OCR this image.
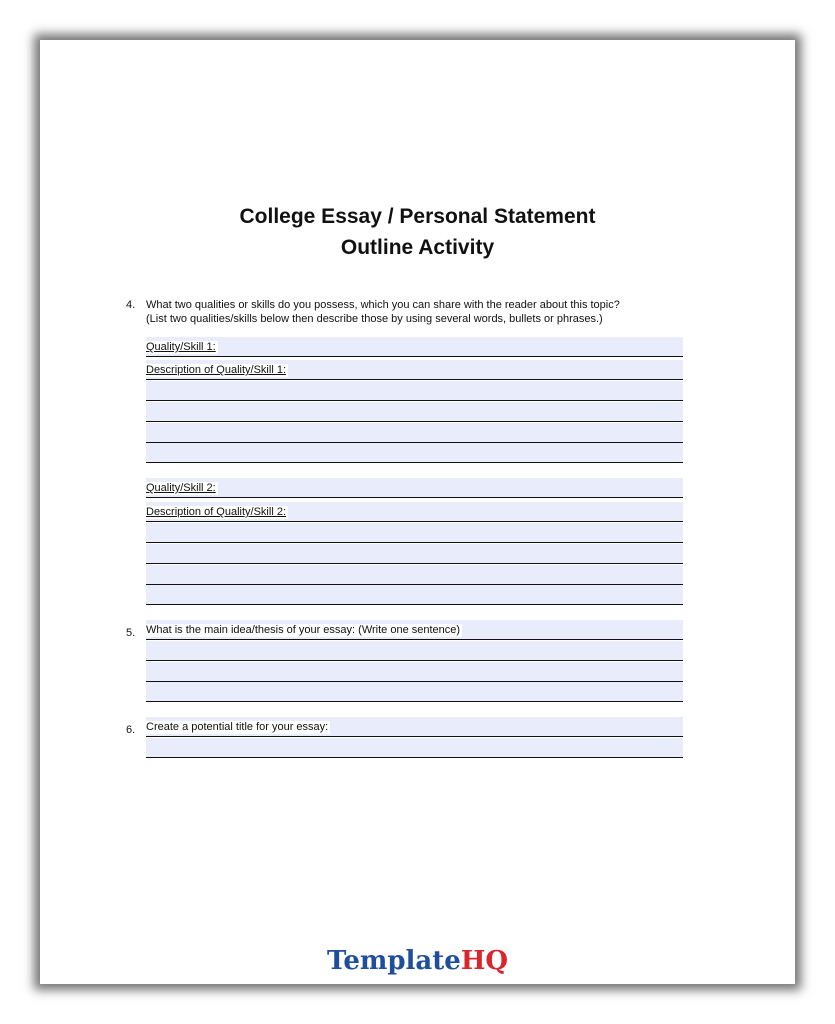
College Essay / Personal Statement
Outline Activity
4. What two qualities or skills do you possess, which you can share with the reader about this topic?
(List two qualities/skills below then describe those by using several words, bullets or phrases.)
Quality/Skill 1:
Description of Quality/Skill 1:
Quality/Skill 2:
Description of Quality/Skill 2:
5. What is the main idea/thesis of your essay: (Write one sentence)
6. Create a potential title for your essay:
TemplateHQ
